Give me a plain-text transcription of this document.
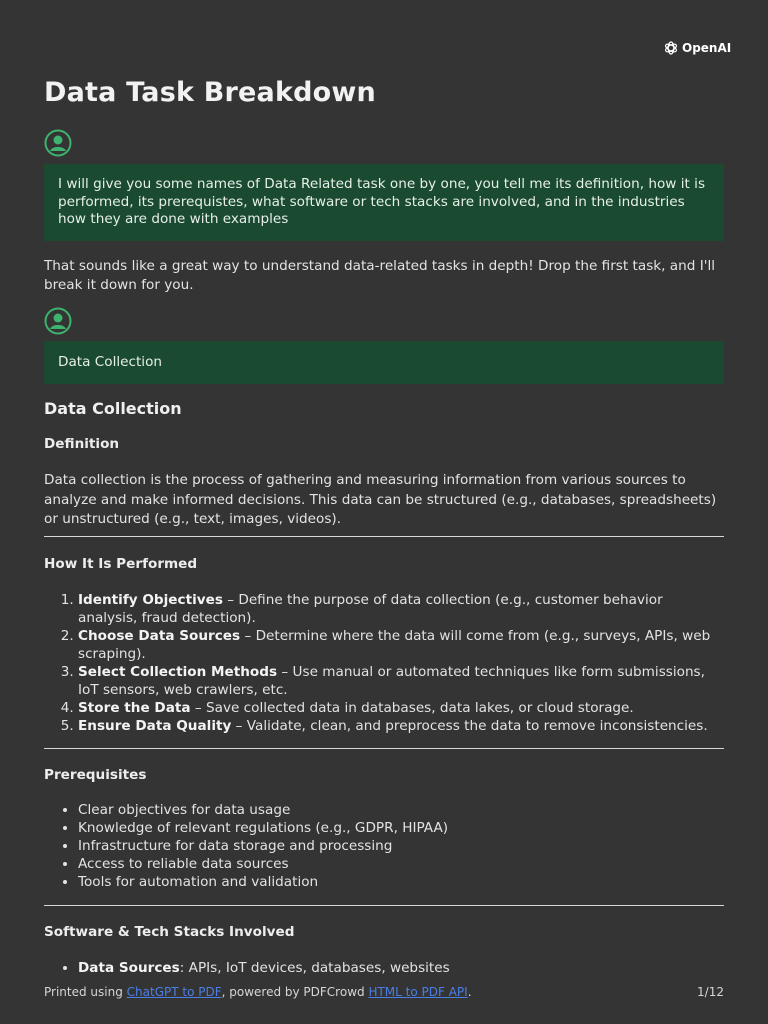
OpenAI
Data Task Breakdown
I will give you some names of Data Related task one by one, you tell me its definition, how it is performed, its prerequistes, what software or tech stacks are involved, and in the industries how they are done with examples

That sounds like a great way to understand data-related tasks in depth! Drop the first task, and I'll break it down for you.

Data Collection
Data Collection
Definition

Data collection is the process of gathering and measuring information from various sources to analyze and make informed decisions. This data can be structured (e.g., databases, spreadsheets) or unstructured (e.g., text, images, videos).

How It Is Performed
1. Identify Objectives – Define the purpose of data collection (e.g., customer behavior analysis, fraud detection).
2. Choose Data Sources – Determine where the data will come from (e.g., surveys, APIs, web scraping).
3. Select Collection Methods – Use manual or automated techniques like form submissions, IoT sensors, web crawlers, etc.
4. Store the Data – Save collected data in databases, data lakes, or cloud storage.
5. Ensure Data Quality – Validate, clean, and preprocess the data to remove inconsistencies.
Prerequisites
• Clear objectives for data usage
• Knowledge of relevant regulations (e.g., GDPR, HIPAA)
• Infrastructure for data storage and processing
• Access to reliable data sources
• Tools for automation and validation
Software & Tech Stacks Involved
• Data Sources: APIs, IoT devices, databases, websites
Printed using ChatGPT to PDF, powered by PDFCrowd HTML to PDF API.	1/12
